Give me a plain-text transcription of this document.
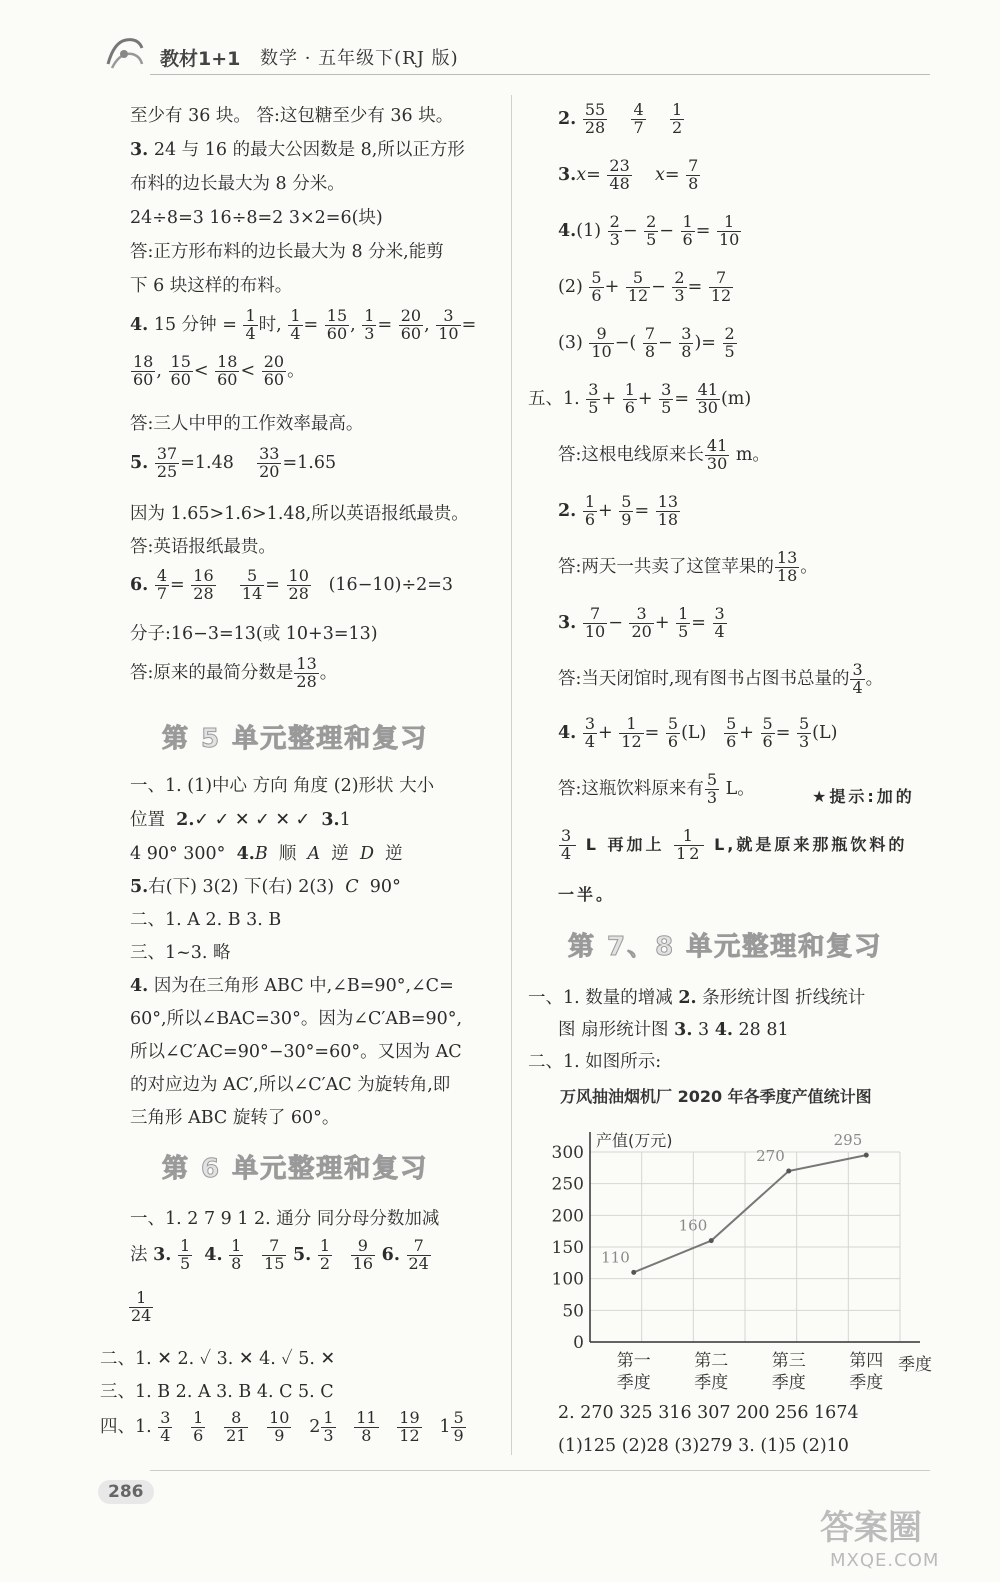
教材1+1 数学 · 五年级下(RJ 版)
至少有 36 块。 答:这包糖至少有 36 块。
3. 24 与 16 的最大公因数是 8,所以正方形
布料的边长最大为 8 分米。
24÷8=3 16÷8=2 3×2=6(块)
答:正方形布料的边长最大为 8 分米,能剪
下 6 块这样的布料。
4. 15 分钟 = $\frac{1}{4}$ 时, $\frac{1}{4} = \frac{15}{60}$ , $\frac{1}{3} = \frac{20}{60}$ , $\frac{3}{10}$ =
$\frac{18}{60}$ , $\frac{15}{60} < \frac{18}{60} < \frac{20}{60}$ 。
答:三人中甲的工作效率最高。
5. $\frac{37}{25} =1.48 \frac{33}{20} =1.65$
因为 1.65>1.6>1.48,所以英语报纸最贵。
答:英语报纸最贵。
6. $\frac{4}{7} = \frac{16}{28}$
$\frac{5}{14} = \frac{10}{28} (16-10)\div 2=3$
分子:16−3=13(或 10+3=13)
答:原来的最简分数是 $\frac{13}{28}$ 。
第 5 单元整理和复习
一、1. (1)中心 方向 角度 (2)形状 大小
位置 2.✓ ✓ ✕ ✓ ✕ ✓ 3.1
4 90° 300° 4.B 顺 A 逆 D 逆
5.右(下) 3(2) 下(右) 2(3) C 90°
二、1. A 2. B 3. B
三、1~3. 略
4. 因为在三角形 ABC 中,∠B=90°,∠C=
60°,所以∠BAC=30°。因为∠C′AB=90°,
所以∠C′AC=90°−30°=60°。又因为 AC
的对应边为 AC′,所以∠C′AC 为旋转角,即
三角形 ABC 旋转了 60°。
第 6 单元整理和复习
一、1. 2 7 9 1 2. 通分 同分母分数加减
法 3. $\frac{1}{5} 4$. $\frac{1}{8}$
$\frac{7}{15} 5$. $\frac{1}{2}$
$\frac{9}{16} 6$. $\frac{7}{24}$
$\frac{1}{24}$
二、1. ✕ 2. ✓ 3. ✕ 4. ✓ 5. ✕
三、1. B 2. A 3. B 4. C 5. C
四、1. $\frac{3}{4}$
$\frac{1}{6}$
$\frac{8}{21}$
$\frac{10}{9} 2 \frac{1}{3}$
$\frac{11}{8}$
$\frac{19}{12} 1 \frac{5}{9}$
2. $\frac{55}{28}$
$\frac{4}{7}$
$\frac{1}{2}$
$3.x= \frac{23}{48} x= \frac{7}{8}$
$4.(1) \frac{2}{3} - \frac{2}{5} - \frac{1}{6} = \frac{1}{10}$
$(2) \frac{5}{6} + \frac{5}{12} - \frac{2}{3} = \frac{7}{12}$
$(3) \frac{9}{10}$ −( $\frac{7}{8} - \frac{3}{8}$ )= $\frac{2}{5}$
五、1. $\frac{3}{5} + \frac{1}{6} + \frac{3}{5} = \frac{41}{30} (m)$
答:这根电线原来长 $\frac{41}{30}$ m。
2. $\frac{1}{6} + \frac{5}{9} = \frac{13}{18}$
答:两天一共卖了这筐苹果的 $\frac{13}{18}$ 。
3. $\frac{7}{10} - \frac{3}{20} + \frac{1}{5} = \frac{3}{4}$
答:当天闭馆时,现有图书占图书总量的 $\frac{3}{4}$ 。
4. $\frac{3}{4} + \frac{1}{12} = \frac{5}{6} (L) \frac{5}{6} + \frac{5}{6} = \frac{5}{3} (L)$
答:这瓶饮料原来有 $\frac{5}{3}$ L。	★提示:加的
$\frac{3}{4}$ L 再加上 $\frac{1}{12} L$,就是原来那瓶饮料的
一半。
第 7、8 单元整理和复习
一、1. 数量的增减 2. 条形统计图 折线统计
图 扇形统计图 3. 3 4. 28 81
二、1. 如图所示:
万风抽油烟机厂 2020 年各季度产值统计图
0
50
100
150
200
250
300
产值(万元)
季度
第一
季度
第二
季度
第三
季度
第四
季度
110
160
270
295
2. 270 325 316 307 200 256 1674
(1)125 (2)28 (3)279 3. (1)5 (2)10
286
答案圈
MXQE.COM
